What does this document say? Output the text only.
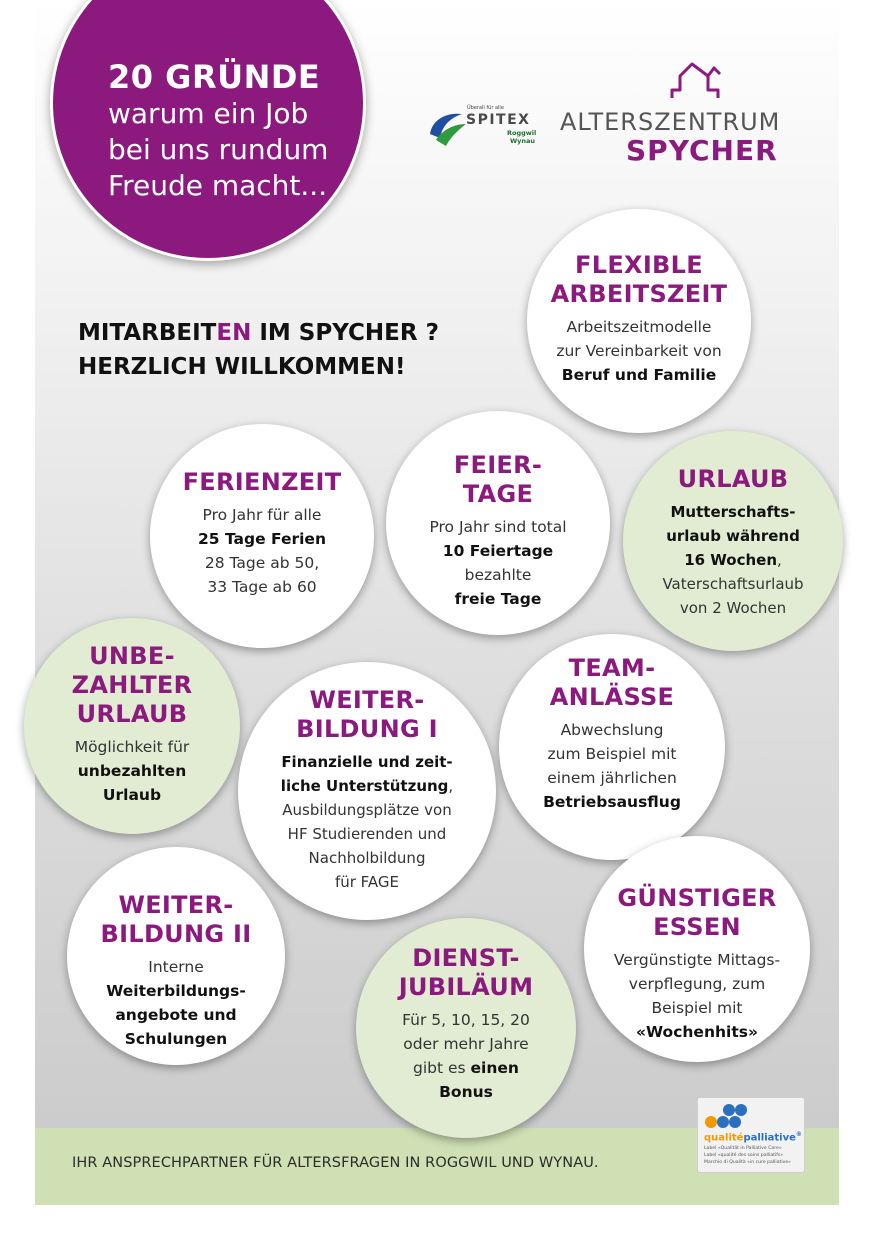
IHR ANSPRECHPARTNER FÜR ALTERSFRAGEN IN ROGGWIL UND WYNAU.
20 GRÜNDE
warum ein Job
bei uns rundum
Freude macht...
Überall für alle
SPITEX
Roggwil
Wynau
ALTERSZENTRUM
SPYCHER
MITARBEITEN IM SPYCHER ?
HERZLICH WILLKOMMEN!
FLEXIBLE
ARBEITSZEIT
Arbeitszeitmodelle
zur Vereinbarkeit von
Beruf und Familie
FERIENZEIT
Pro Jahr für alle
25 Tage Ferien
28 Tage ab 50,
33 Tage ab 60
FEIER-
TAGE
Pro Jahr sind total
10 Feiertage
bezahlte
freie Tage
URLAUB
Mutterschafts-
urlaub während
16 Wochen,
Vaterschaftsurlaub
von 2 Wochen
UNBE-
ZAHLTER
URLAUB
Möglichkeit für
unbezahlten
Urlaub
WEITER-
BILDUNG I
Finanzielle und zeit-
liche Unterstützung,
Ausbildungsplätze von
HF Studierenden und
Nachholbildung
für FAGE
TEAM-
ANLÄSSE
Abwechslung
zum Beispiel mit
einem jährlichen
Betriebsausflug
WEITER-
BILDUNG II
Interne
Weiterbildungs-
angebote und
Schulungen
DIENST-
JUBILÄUM
Für 5, 10, 15, 20
oder mehr Jahre
gibt es einen
Bonus
GÜNSTIGER
ESSEN
Vergünstigte Mittags-
verpflegung, zum
Beispiel mit
«Wochenhits»
qualitépalliative®
Label «Qualität in Palliative Care»
Label «qualité des soins palliatifs»
Marchio di Qualità «in cure palliative»
